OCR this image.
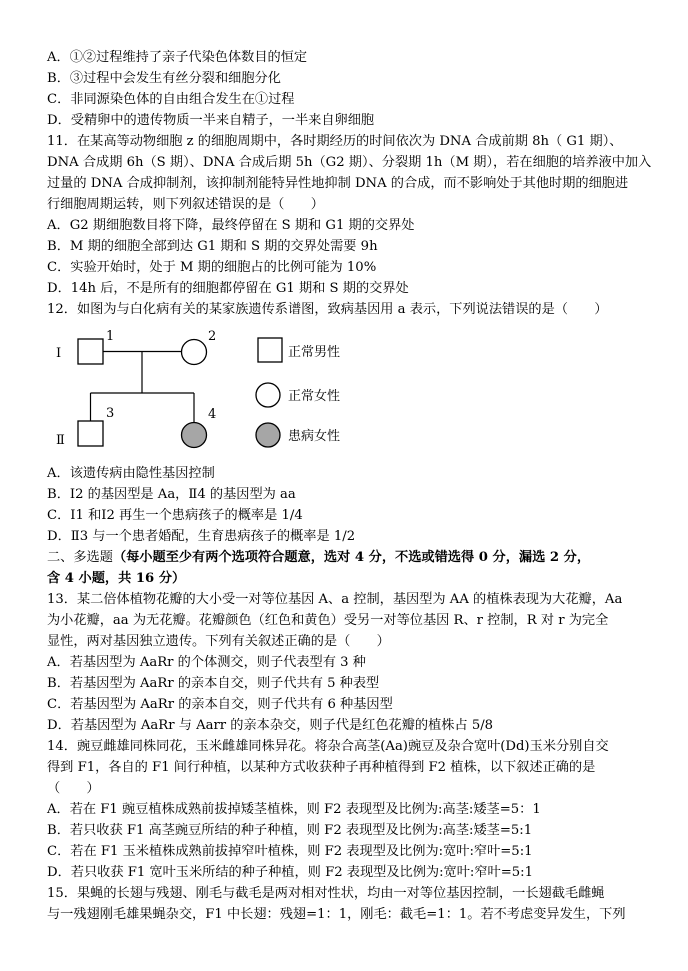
A．①②过程维持了亲子代染色体数目的恒定
B．③过程中会发生有丝分裂和细胞分化
C．非同源染色体的自由组合发生在①过程
D．受精卵中的遗传物质一半来自精子，一半来自卵细胞
11．在某高等动物细胞 z 的细胞周期中，各时期经历的时间依次为 DNA 合成前期 8h（ G1 期）、
DNA 合成期 6h（S 期）、DNA 合成后期 5h（G2 期）、分裂期 1h（M 期），若在细胞的培养液中加入
过量的 DNA 合成抑制剂，该抑制剂能特异性地抑制 DNA 的合成，而不影响处于其他时期的细胞进
行细胞周期运转，则下列叙述错误的是（　　）
A．G2 期细胞数目将下降，最终停留在 S 期和 G1 期的交界处
B．M 期的细胞全部到达 G1 期和 S 期的交界处需要 9h
C．实验开始时，处于 M 期的细胞占的比例可能为 10%
D．14h 后，不是所有的细胞都停留在 G1 期和 S 期的交界处
12．如图为与白化病有关的某家族遗传系谱图，致病基因用 a 表示，下列说法错误的是（　　）
Ⅰ
Ⅱ
1	2
3	4
正常男性
正常女性
患病女性
A．该遗传病由隐性基因控制
B．Ⅰ2 的基因型是 Aa，Ⅱ4 的基因型为 aa
C．Ⅰ1 和Ⅰ2 再生一个患病孩子的概率是 1/4
D．Ⅱ3 与一个患者婚配，生育患病孩子的概率是 1/2
二、多选题（每小题至少有两个选项符合题意，选对 4 分，不选或错选得 0 分，漏选 2 分，
含 4 小题，共 16 分）
13．某二倍体植物花瓣的大小受一对等位基因 A、a 控制，基因型为 AA 的植株表现为大花瓣，Aa
为小花瓣，aa 为无花瓣。花瓣颜色（红色和黄色）受另一对等位基因 R、r 控制，R 对 r 为完全
显性，两对基因独立遗传。下列有关叙述正确的是（　　）
A．若基因型为 AaRr 的个体测交，则子代表型有 3 种
B．若基因型为 AaRr 的亲本自交，则子代共有 5 种表型
C．若基因型为 AaRr 的亲本自交，则子代共有 6 种基因型
D．若基因型为 AaRr 与 Aarr 的亲本杂交，则子代是红色花瓣的植株占 5/8
14．豌豆雌雄同株同花，玉米雌雄同株异花。将杂合高茎(Aa)豌豆及杂合宽叶(Dd)玉米分别自交
得到 F1，各自的 F1 间行种植，以某种方式收获种子再种植得到 F2 植株，以下叙述正确的是
（　　）
A．若在 F1 豌豆植株成熟前拔掉矮茎植株，则 F2 表现型及比例为:高茎:矮茎=5：1
B．若只收获 F1 高茎豌豆所结的种子种植，则 F2 表现型及比例为:高茎:矮茎=5:1
C．若在 F1 玉米植株成熟前拔掉窄叶植株，则 F2 表现型及比例为:宽叶:窄叶=5:1
D．若只收获 F1 宽叶玉米所结的种子种植，则 F2 表现型及比例为:宽叶:窄叶=5:1
15．果蝇的长翅与残翅、刚毛与截毛是两对相对性状，均由一对等位基因控制，一长翅截毛雌蝇
与一残翅刚毛雄果蝇杂交，F1 中长翅：残翅=1：1，刚毛：截毛=1：1。若不考虑变异发生，下列
